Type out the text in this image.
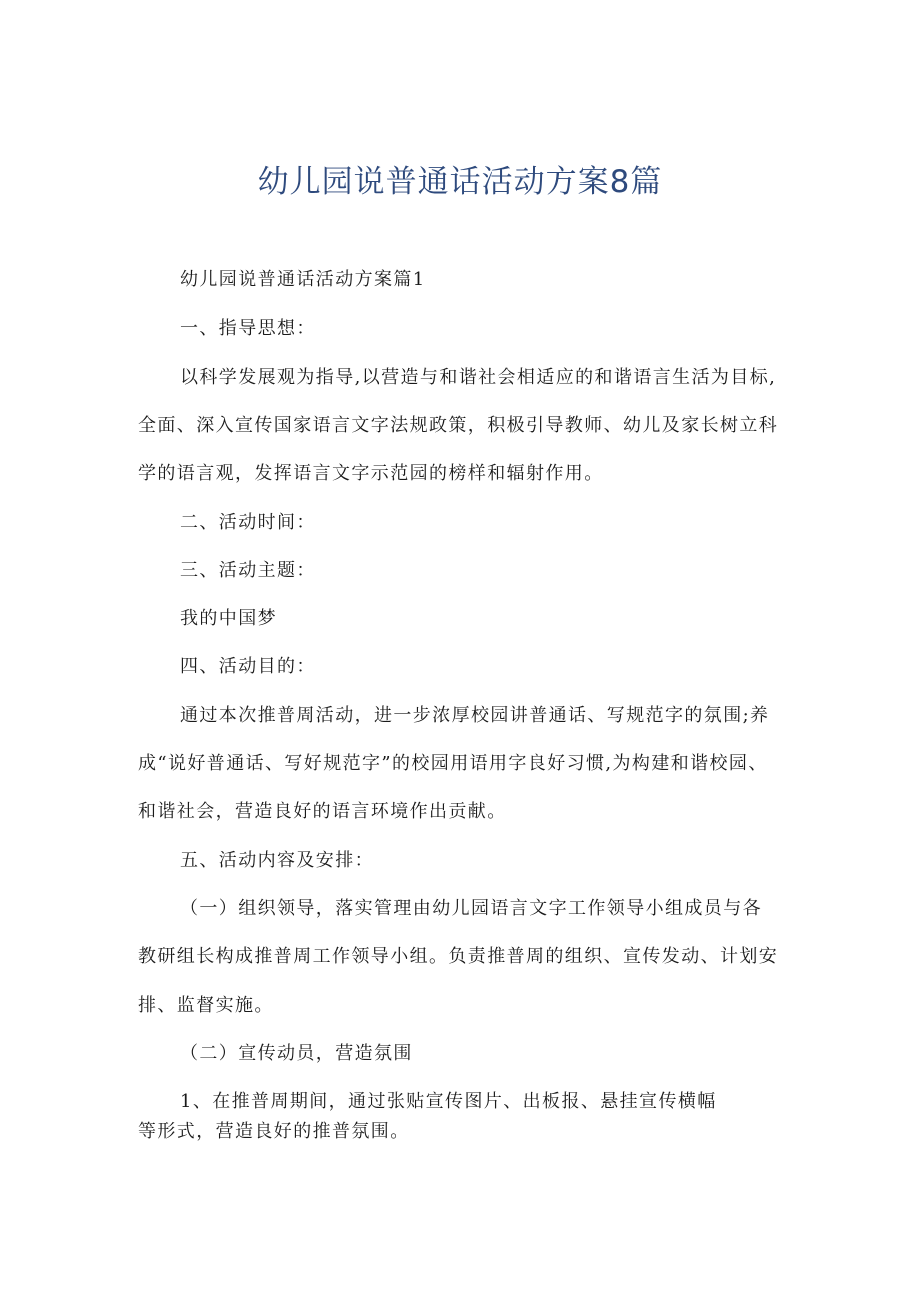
幼儿园说普通话活动方案8篇
幼儿园说普通话活动方案篇1
一、指导思想：
以科学发展观为指导,以营造与和谐社会相适应的和谐语言生活为目标,
全面、深入宣传国家语言文字法规政策，积极引导教师、幼儿及家长树立科
学的语言观，发挥语言文字示范园的榜样和辐射作用。
二、活动时间：
三、活动主题：
我的中国梦
四、活动目的：
通过本次推普周活动，进一步浓厚校园讲普通话、写规范字的氛围;养
成“说好普通话、写好规范字”的校园用语用字良好习惯,为构建和谐校园、
和谐社会，营造良好的语言环境作出贡献。
五、活动内容及安排：
（一）组织领导，落实管理由幼儿园语言文字工作领导小组成员与各
教研组长构成推普周工作领导小组。负责推普周的组织、宣传发动、计划安
排、监督实施。
（二）宣传动员，营造氛围
1、在推普周期间，通过张贴宣传图片、出板报、悬挂宣传横幅
等形式，营造良好的推普氛围。
